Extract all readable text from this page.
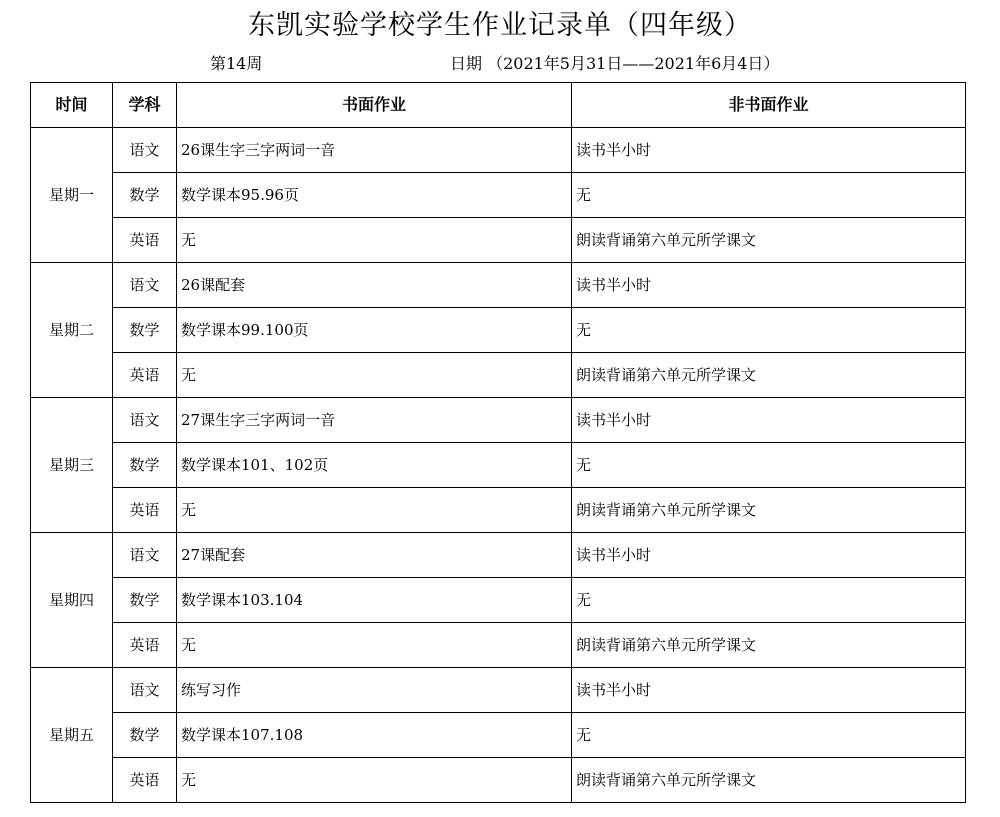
东凯实验学校学生作业记录单（四年级）
第14周	日期 （2021年5月31日——2021年6月4日）
时间	学科	书面作业	非书面作业
星期一	语文	26课生字三字两词一音	读书半小时
	数学	数学课本95.96页	无
	英语	无	朗读背诵第六单元所学课文
星期二	语文	26课配套	读书半小时
	数学	数学课本99.100页	无
	英语	无	朗读背诵第六单元所学课文
星期三	语文	27课生字三字两词一音	读书半小时
	数学	数学课本101、102页	无
	英语	无	朗读背诵第六单元所学课文
星期四	语文	27课配套	读书半小时
	数学	数学课本103.104	无
	英语	无	朗读背诵第六单元所学课文
星期五	语文	练写习作	读书半小时
	数学	数学课本107.108	无
	英语	无	朗读背诵第六单元所学课文
